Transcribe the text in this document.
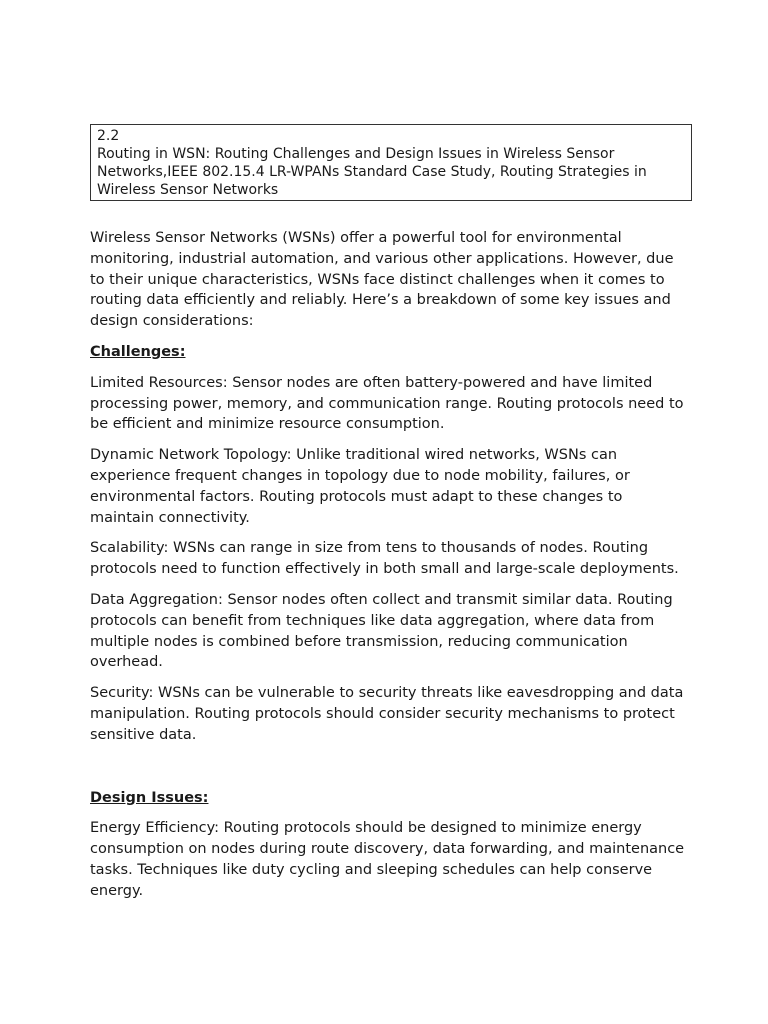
2.2
Routing in WSN: Routing Challenges and Design Issues in Wireless Sensor Networks,IEEE 802.15.4 LR-WPANs Standard Case Study, Routing Strategies in Wireless Sensor Networks

Wireless Sensor Networks (WSNs) offer a powerful tool for environmental monitoring, industrial automation, and various other applications. However, due to their unique characteristics, WSNs face distinct challenges when it comes to routing data efficiently and reliably. Here’s a breakdown of some key issues and design considerations:

Challenges:

Limited Resources: Sensor nodes are often battery-powered and have limited processing power, memory, and communication range. Routing protocols need to be efficient and minimize resource consumption.

Dynamic Network Topology: Unlike traditional wired networks, WSNs can experience frequent changes in topology due to node mobility, failures, or environmental factors. Routing protocols must adapt to these changes to maintain connectivity.

Scalability: WSNs can range in size from tens to thousands of nodes. Routing protocols need to function effectively in both small and large-scale deployments.

Data Aggregation: Sensor nodes often collect and transmit similar data. Routing protocols can benefit from techniques like data aggregation, where data from multiple nodes is combined before transmission, reducing communication overhead.

Security: WSNs can be vulnerable to security threats like eavesdropping and data manipulation. Routing protocols should consider security mechanisms to protect sensitive data.

Design Issues:

Energy Efficiency: Routing protocols should be designed to minimize energy consumption on nodes during route discovery, data forwarding, and maintenance tasks. Techniques like duty cycling and sleeping schedules can help conserve energy.
